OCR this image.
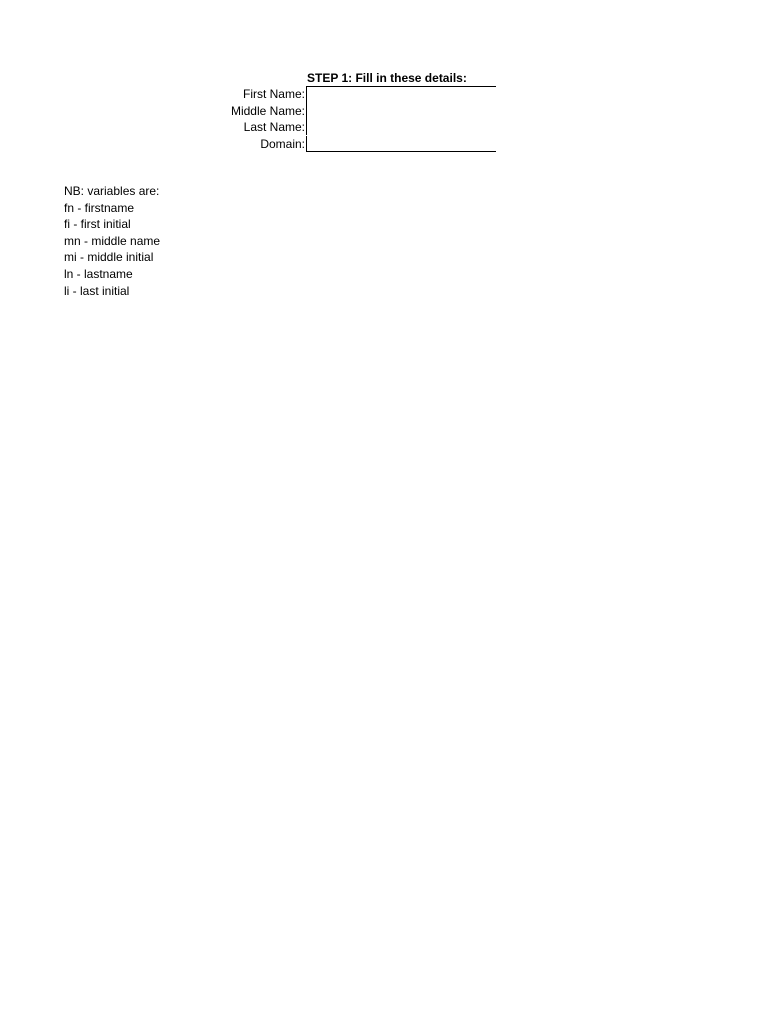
STEP 1: Fill in these details:
First Name:
Middle Name:
Last Name:
Domain:
NB: variables are:
fn - firstname
fi - first initial
mn - middle name
mi - middle initial
ln - lastname
li - last initial
